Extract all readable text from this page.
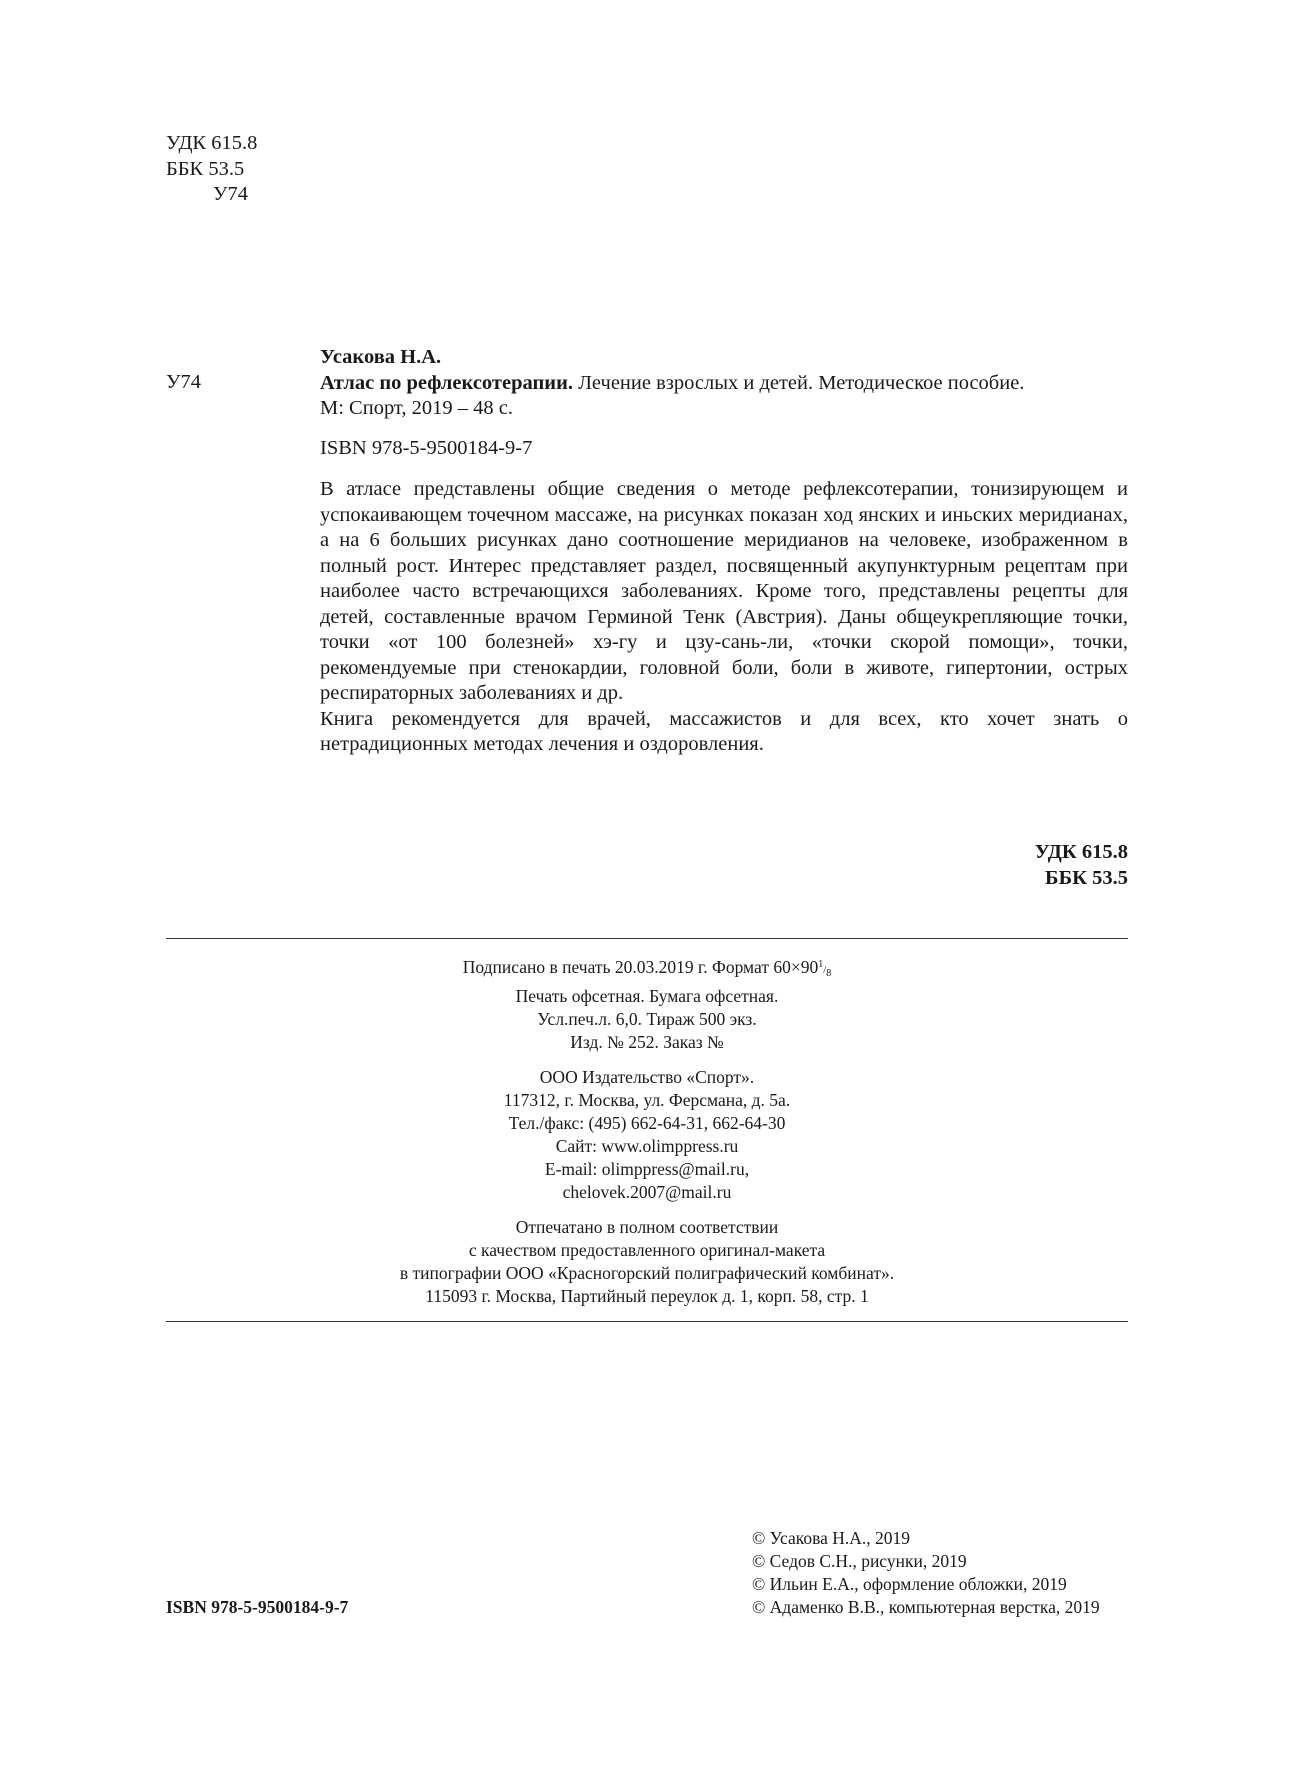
УДК 615.8
ББК 53.5
У74
У74

Усакова Н.А.

Атлас по рефлексотерапии. Лечение взрослых и детей. Методическое пособие.

М: Спорт, 2019 – 48 с.

ISBN 978-5-9500184-9-7

В атласе представлены общие сведения о методе рефлексотерапии, тонизирующем и успокаивающем точечном массаже, на рисунках показан ход янских и иньских меридианах, а на 6 больших рисунках дано соотношение меридианов на человеке, изображенном в полный рост. Интерес представляет раздел, посвященный акупунктурным рецептам при наиболее часто встречающихся заболеваниях. Кроме того, представлены рецепты для детей, составленные врачом Герминой Тенк (Австрия). Даны общеукрепляющие точки, точки «от 100 болезней» хэ-гу и цзу-сань-ли, «точки скорой помощи», точки, рекомендуемые при стенокардии, головной боли, боли в животе, гипертонии, острых респираторных заболеваниях и др.

Книга рекомендуется для врачей, массажистов и для всех, кто хочет знать о нетрадиционных методах лечения и оздоровления.

УДК 615.8
ББК 53.5
Подписано в печать 20.03.2019 г. Формат $60\times 90^1/_8$
Печать офсетная. Бумага офсетная.
Усл.печ.л. 6,0. Тираж 500 экз.
Изд. № 252. Заказ №
ООО Издательство «Спорт».
117312, г. Москва, ул. Ферсмана, д. 5а.
Тел./факс: (495) 662-64-31, 662-64-30
Сайт: www.olimppress.ru
E-mail: olimppress@mail.ru,
chelovek.2007@mail.ru
Отпечатано в полном соответствии
с качеством предоставленного оригинал-макета
в типографии ООО «Красногорский полиграфический комбинат».
115093 г. Москва, Партийный переулок д. 1, корп. 58, стр. 1
© Усакова Н.А., 2019
© Седов С.Н., рисунки, 2019
© Ильин Е.А., оформление обложки, 2019
© Адаменко В.В., компьютерная верстка, 2019
ISBN 978-5-9500184-9-7
